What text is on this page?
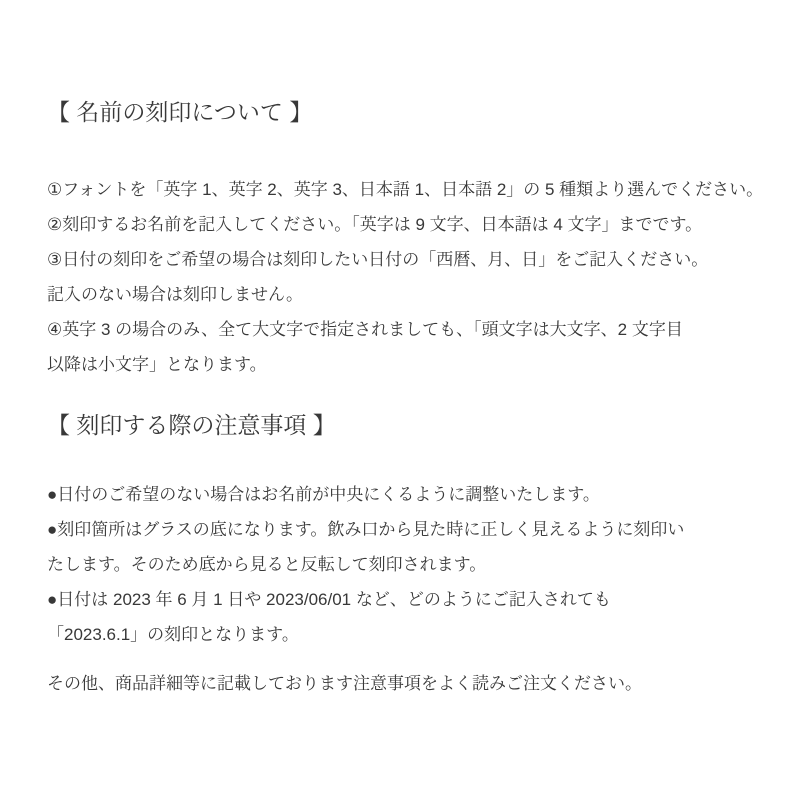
【 名前の刻印について 】
①フォントを「英字 1、英字 2、英字 3、日本語 1、日本語 2」の 5 種類より選んでください。
②刻印するお名前を記入してください。「英字は 9 文字、日本語は 4 文字」までです。
③日付の刻印をご希望の場合は刻印したい日付の「西暦、月、日」をご記入ください。
記入のない場合は刻印しません。
④英字 3 の場合のみ、全て大文字で指定されましても、「頭文字は大文字、2 文字目
以降は小文字」となります。
【 刻印する際の注意事項 】
●日付のご希望のない場合はお名前が中央にくるように調整いたします。
●刻印箇所はグラスの底になります。飲み口から見た時に正しく見えるように刻印い
たします。そのため底から見ると反転して刻印されます。
●日付は 2023 年 6 月 1 日や 2023/06/01 など、どのようにご記入されても
「2023.6.1」の刻印となります。
その他、商品詳細等に記載しております注意事項をよく読みご注文ください。
